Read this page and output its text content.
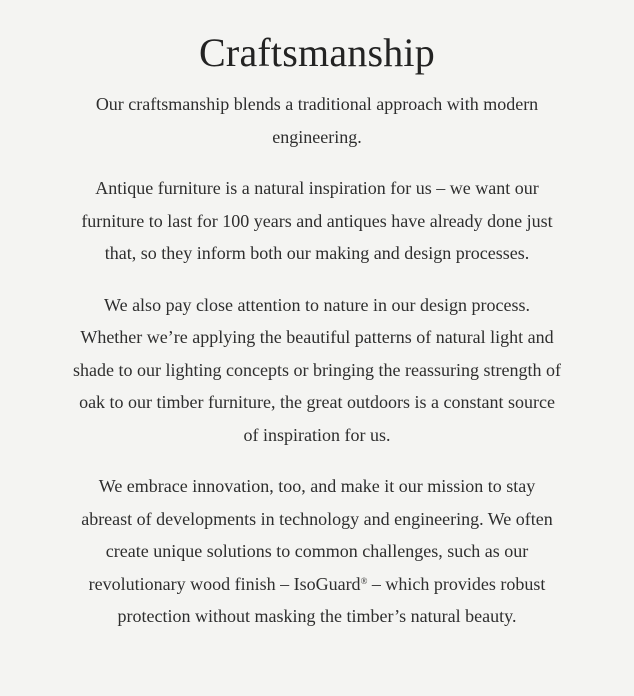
Craftsmanship
Our craftsmanship blends a traditional approach with modern
engineering.
Antique furniture is a natural inspiration for us – we want our
furniture to last for 100 years and antiques have already done just
that, so they inform both our making and design processes.
We also pay close attention to nature in our design process.
Whether we’re applying the beautiful patterns of natural light and
shade to our lighting concepts or bringing the reassuring strength of
oak to our timber furniture, the great outdoors is a constant source
of inspiration for us.
We embrace innovation, too, and make it our mission to stay
abreast of developments in technology and engineering. We often
create unique solutions to common challenges, such as our
revolutionary wood finish – IsoGuard® – which provides robust
protection without masking the timber’s natural beauty.
